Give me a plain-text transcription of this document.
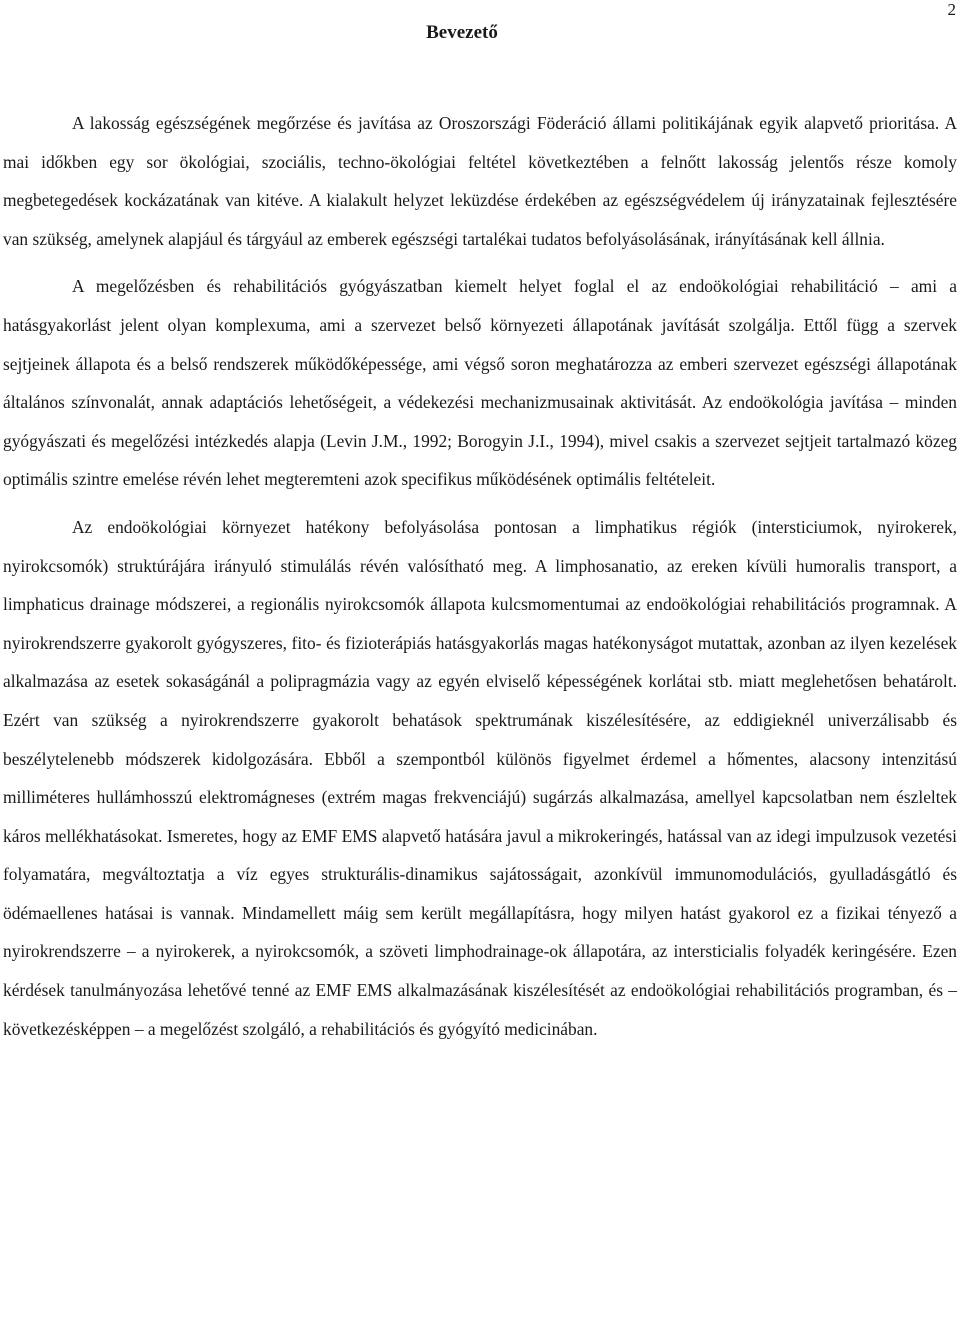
2
Bevezető

A lakosság egészségének megőrzése és javítása az Oroszországi Föderáció állami politikájának egyik alapvető prioritása. A mai időkben egy sor ökológiai, szociális, techno-ökológiai feltétel következtében a felnőtt lakosság jelentős része komoly megbetegedések kockázatának van kitéve. A kialakult helyzet leküzdése érdekében az egészségvédelem új irányzatainak fejlesztésére van szükség, amelynek alapjául és tárgyául az emberek egészségi tartalékai tudatos befolyásolásának, irányításának kell állnia.

A megelőzésben és rehabilitációs gyógyászatban kiemelt helyet foglal el az endoökológiai rehabilitáció – ami a hatásgyakorlást jelent olyan komplexuma, ami a szervezet belső környezeti állapotának javítását szolgálja. Ettől függ a szervek sejtjeinek állapota és a belső rendszerek működőképessége, ami végső soron meghatározza az emberi szervezet egészségi állapotának általános színvonalát, annak adaptációs lehetőségeit, a védekezési mechanizmusainak aktivitását. Az endoökológia javítása – minden gyógyászati és megelőzési intézkedés alapja (Levin J.M., 1992; Borogyin J.I., 1994), mivel csakis a szervezet sejtjeit tartalmazó közeg optimális szintre emelése révén lehet megteremteni azok specifikus működésének optimális feltételeit.

Az endoökológiai környezet hatékony befolyásolása pontosan a limphatikus régiók (intersticiumok, nyirokerek, nyirokcsomók) struktúrájára irányuló stimulálás révén valósítható meg. A limphosanatio, az ereken kívüli humoralis transport, a limphaticus drainage módszerei, a regionális nyirokcsomók állapota kulcsmomentumai az endoökológiai rehabilitációs programnak. A nyirokrendszerre gyakorolt gyógyszeres, fito- és fizioterápiás hatásgyakorlás magas hatékonyságot mutattak, azonban az ilyen kezelések alkalmazása az esetek sokaságánál a polipragmázia vagy az egyén elviselő képességének korlátai stb. miatt meglehetősen behatárolt. Ezért van szükség a nyirokrendszerre gyakorolt behatások spektrumának kiszélesítésére, az eddigieknél univerzálisabb és beszélytelenebb módszerek kidolgozására. Ebből a szempontból különös figyelmet érdemel a hőmentes, alacsony intenzitású milliméteres hullámhosszú elektromágneses (extrém magas frekvenciájú) sugárzás alkalmazása, amellyel kapcsolatban nem észleltek káros mellékhatásokat. Ismeretes, hogy az EMF EMS alapvető hatására javul a mikrokeringés, hatással van az idegi impulzusok vezetési folyamatára, megváltoztatja a víz egyes strukturális-dinamikus sajátosságait, azonkívül immunomodulációs, gyulladásgátló és ödémaellenes hatásai is vannak. Mindamellett máig sem került megállapításra, hogy milyen hatást gyakorol ez a fizikai tényező a nyirokrendszerre – a nyirokerek, a nyirokcsomók, a szöveti limphodrainage-ok állapotára, az intersticialis folyadék keringésére. Ezen kérdések tanulmányozása lehetővé tenné az EMF EMS alkalmazásának kiszélesítését az endoökológiai rehabilitációs programban, és – következésképpen – a megelőzést szolgáló, a rehabilitációs és gyógyító medicinában.
